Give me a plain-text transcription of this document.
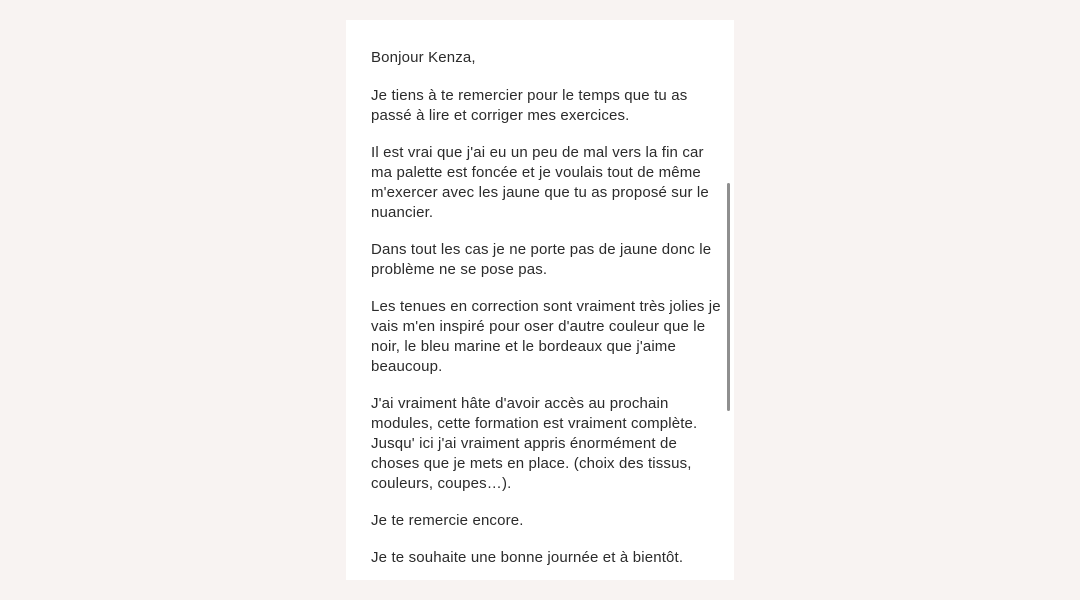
Bonjour Kenza,

Je tiens à te remercier pour le temps que tu as passé à lire et corriger mes exercices.

Il est vrai que j'ai eu un peu de mal vers la fin car ma palette est foncée et je voulais tout de même m'exercer avec les jaune que tu as proposé sur le nuancier.

Dans tout les cas je ne porte pas de jaune donc le problème ne se pose pas.

Les tenues en correction sont vraiment très jolies je vais m'en inspiré pour oser d'autre couleur que le noir, le bleu marine et le bordeaux que j'aime beaucoup.

J'ai vraiment hâte d'avoir accès au prochain modules, cette formation est vraiment complète. Jusqu' ici j'ai vraiment appris énormément de choses que je mets en place. (choix des tissus, couleurs, coupes…).

Je te remercie encore.

Je te souhaite une bonne journée et à bientôt.
